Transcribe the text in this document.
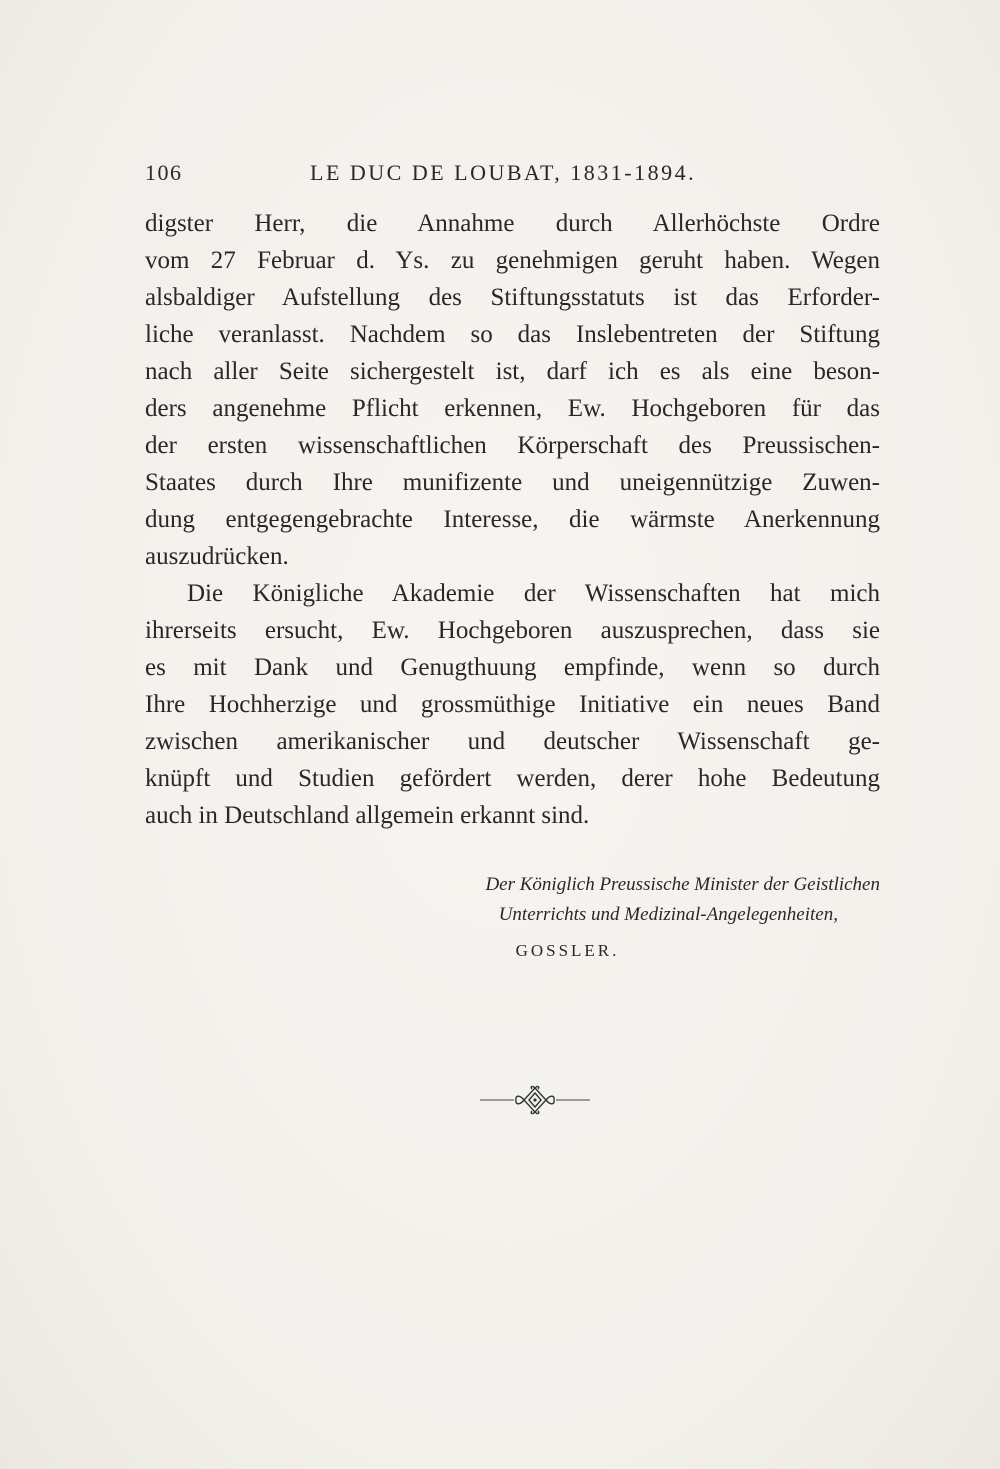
106	LE DUC DE LOUBAT, 1831-1894.
digster Herr, die Annahme durch Allerhöchste Ordre
vom 27 Februar d. Ys. zu genehmigen geruht haben. Wegen
alsbaldiger Aufstellung des Stiftungsstatuts ist das Erforder-
liche veranlasst. Nachdem so das Inslebentreten der Stiftung
nach aller Seite sichergestelt ist, darf ich es als eine beson-
ders angenehme Pflicht erkennen, Ew. Hochgeboren für das
der ersten wissenschaftlichen Körperschaft des Preussischen-
Staates durch Ihre munifizente und uneigennützige Zuwen-
dung entgegengebrachte Interesse, die wärmste Anerkennung
auszudrücken.
Die Königliche Akademie der Wissenschaften hat mich
ihrerseits ersucht, Ew. Hochgeboren auszusprechen, dass sie
es mit Dank und Genugthuung empfinde, wenn so durch
Ihre Hochherzige und grossmüthige Initiative ein neues Band
zwischen amerikanischer und deutscher Wissenschaft ge-
knüpft und Studien gefördert werden, derer hohe Bedeutung
auch in Deutschland allgemein erkannt sind.
Der Königlich Preussische Minister der Geistlichen
Unterrichts und Medizinal-Angelegenheiten,
GOSSLER.
